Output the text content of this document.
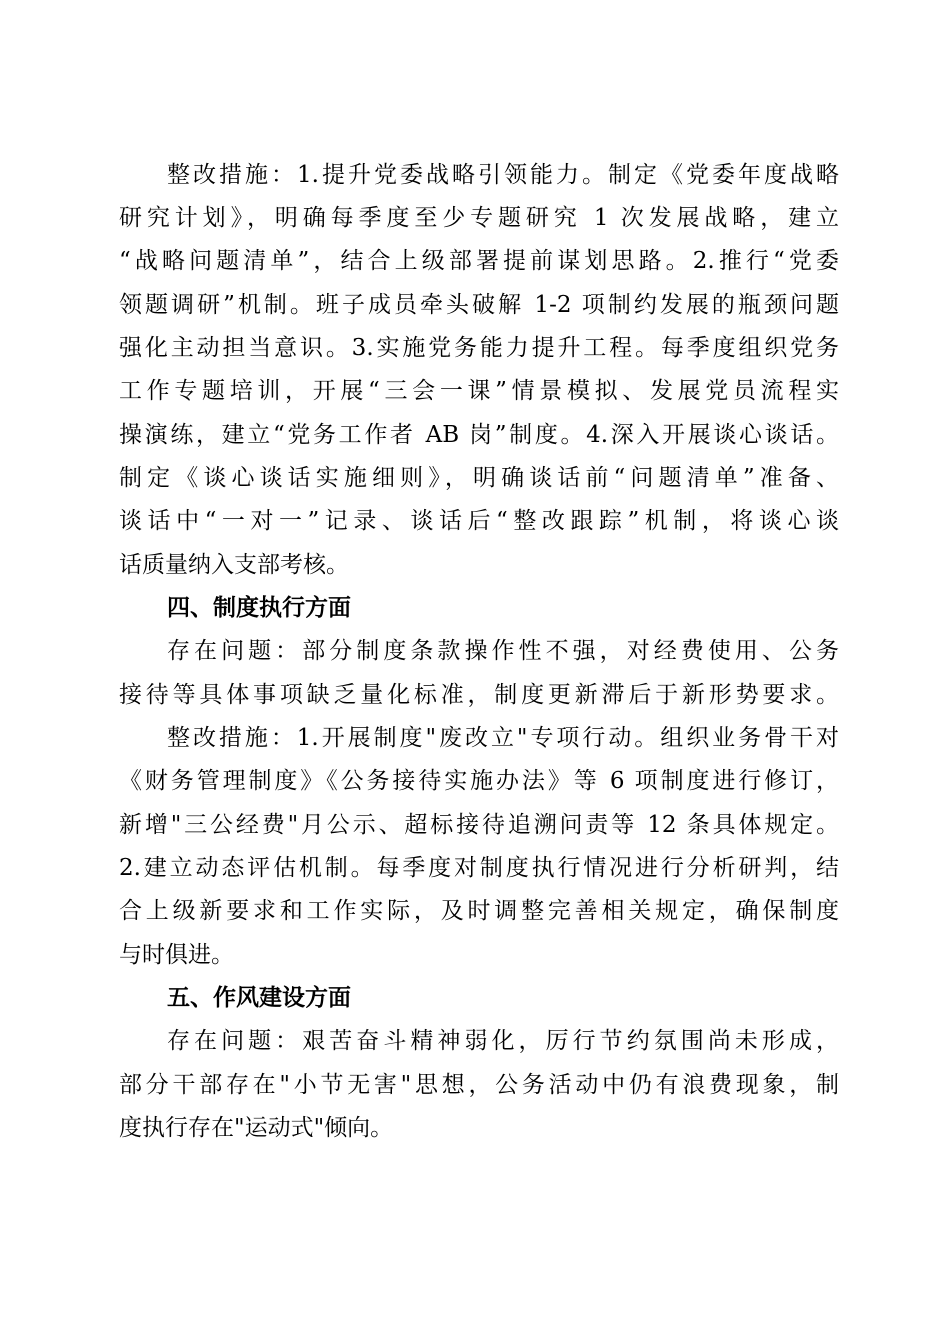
整改措施：1.提升党委战略引领能力。制定《党委年度战略
研究计划》，明确每季度至少专题研究 1 次发展战略，建立
“战略问题清单”，结合上级部署提前谋划思路。2.推行“党委
领题调研”机制。班子成员牵头破解 1-2 项制约发展的瓶颈问题
强化主动担当意识。3.实施党务能力提升工程。每季度组织党务
工作专题培训，开展“三会一课”情景模拟、发展党员流程实
操演练，建立“党务工作者 AB 岗”制度。4.深入开展谈心谈话。
制定《谈心谈话实施细则》，明确谈话前“问题清单”准备、
谈话中“一对一”记录、谈话后“整改跟踪”机制，将谈心谈
话质量纳入支部考核。
四、制度执行方面
存在问题：部分制度条款操作性不强，对经费使用、公务
接待等具体事项缺乏量化标准，制度更新滞后于新形势要求。
整改措施：1.开展制度"废改立"专项行动。组织业务骨干对
《财务管理制度》《公务接待实施办法》等 6 项制度进行修订，
新增"三公经费"月公示、超标接待追溯问责等 12 条具体规定。
2.建立动态评估机制。每季度对制度执行情况进行分析研判，结
合上级新要求和工作实际，及时调整完善相关规定，确保制度
与时俱进。
五、作风建设方面
存在问题：艰苦奋斗精神弱化，厉行节约氛围尚未形成，
部分干部存在"小节无害"思想，公务活动中仍有浪费现象，制
度执行存在"运动式"倾向。
